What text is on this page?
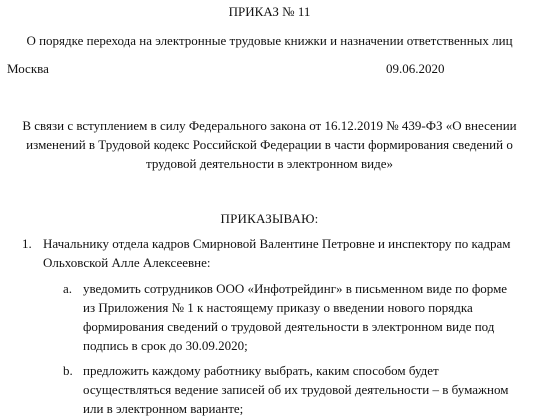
ПРИКАЗ № 11
О порядке перехода на электронные трудовые книжки и назначении ответственных лиц
Москва	09.06.2020
В связи с вступлением в силу Федерального закона от 16.12.2019 № 439-ФЗ «О внесении
изменений в Трудовой кодекс Российской Федерации в части формирования сведений о
трудовой деятельности в электронном виде»
ПРИКАЗЫВАЮ:
1. Начальнику отдела кадров Смирновой Валентине Петровне и инспектору по кадрам
Ольховской Алле Алексеевне:
a. уведомить сотрудников ООО «Инфотрейдинг» в письменном виде по форме
из Приложения № 1 к настоящему приказу о введении нового порядка
формирования сведений о трудовой деятельности в электронном виде под
подпись в срок до 30.09.2020;
b. предложить каждому работнику выбрать, каким способом будет
осуществляться ведение записей об их трудовой деятельности – в бумажном
или в электронном варианте;
